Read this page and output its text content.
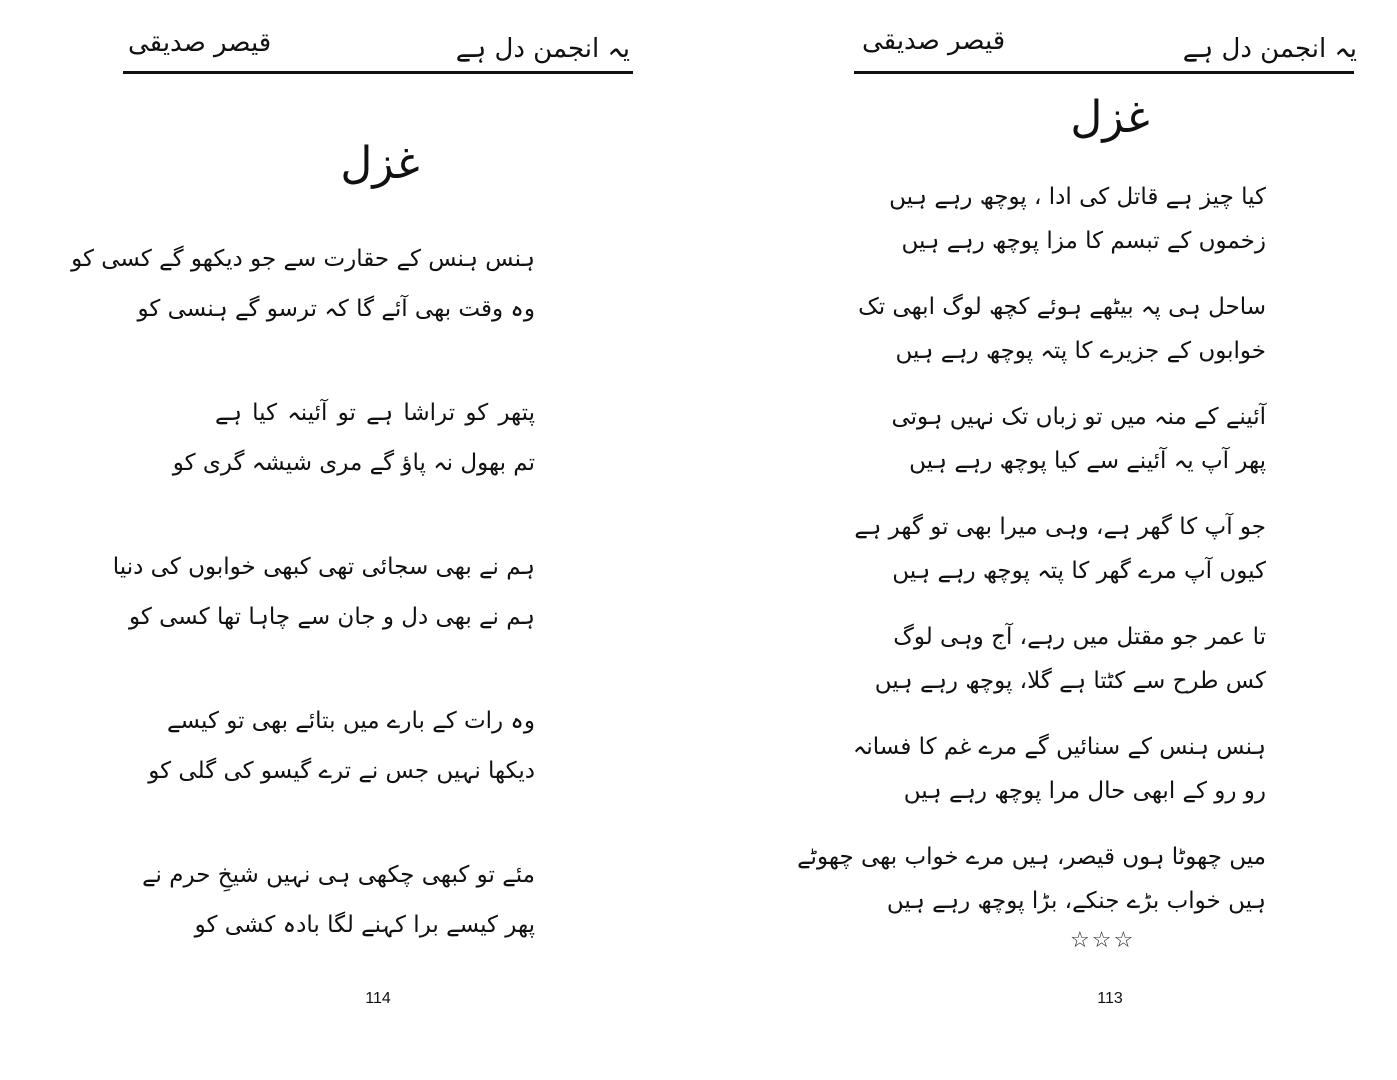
قیصر صدیقی	یہ انجمن دل ہے
غزل
ہنس ہنس کے حقارت سے جو دیکھو گے کسی کو
وہ وقت بھی آئے گا کہ ترسو گے ہنسی کو
پتھر کو تراشا ہے تو آئینہ کیا ہے
تم بھول نہ پاؤ گے مری شیشہ گری کو
ہم نے بھی سجائی تھی کبھی خوابوں کی دنیا
ہم نے بھی دل و جان سے چاہا تھا کسی کو
وہ رات کے بارے میں بتائے بھی تو کیسے
دیکھا نہیں جس نے ترے گیسو کی گلی کو
مئے تو کبھی چکھی ہی نہیں شیخِ حرم نے
پھر کیسے برا کہنے لگا بادہ کشی کو
114
قیصر صدیقی	یہ انجمن دل ہے
غزل
کیا چیز ہے قاتل کی ادا ، پوچھ رہے ہیں
زخموں کے تبسم کا مزا پوچھ رہے ہیں
ساحل ہی پہ بیٹھے ہوئے کچھ لوگ ابھی تک
خوابوں کے جزیرے کا پتہ پوچھ رہے ہیں
آئینے کے منہ میں تو زباں تک نہیں ہوتی
پھر آپ یہ آئینے سے کیا پوچھ رہے ہیں
جو آپ کا گھر ہے، وہی میرا بھی تو گھر ہے
کیوں آپ مرے گھر کا پتہ پوچھ رہے ہیں
تا عمر جو مقتل میں رہے، آج وہی لوگ
کس طرح سے کٹتا ہے گلا، پوچھ رہے ہیں
ہنس ہنس کے سنائیں گے مرے غم کا فسانہ
رو رو کے ابھی حال مرا پوچھ رہے ہیں
میں چھوٹا ہوں قیصر، ہیں مرے خواب بھی چھوٹے
ہیں خواب بڑے جنکے، بڑا پوچھ رہے ہیں
☆☆☆
113
